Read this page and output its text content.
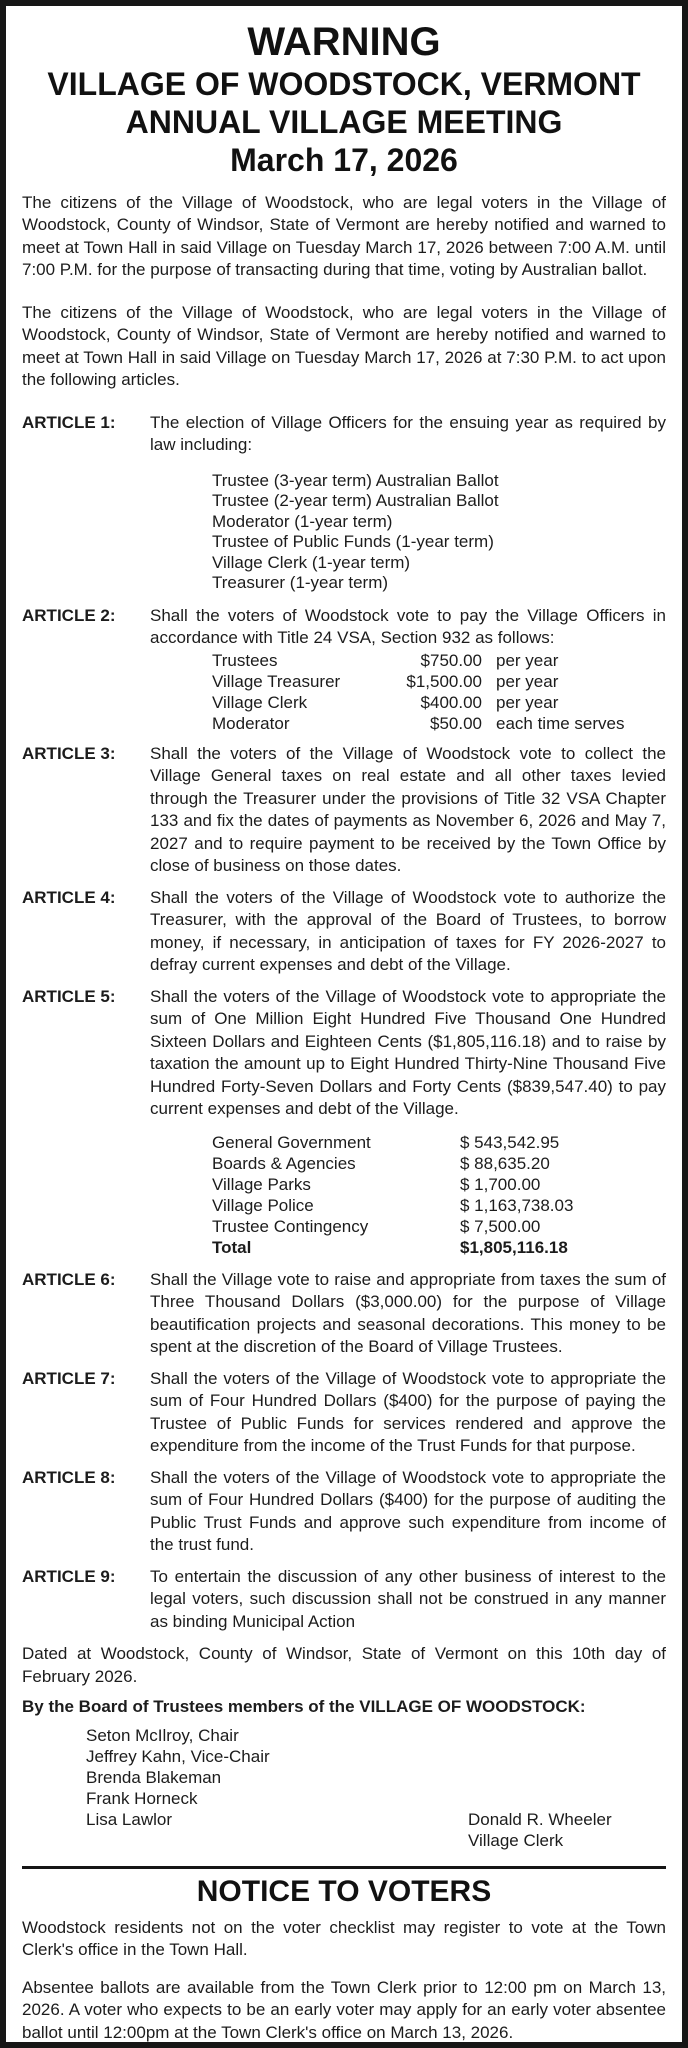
WARNING
VILLAGE OF WOODSTOCK, VERMONT
ANNUAL VILLAGE MEETING
March 17, 2026

The citizens of the Village of Woodstock, who are legal voters in the Village of Woodstock, County of Windsor, State of Vermont are hereby notified and warned to meet at Town Hall in said Village on Tuesday March 17, 2026 between 7:00 A.M. until 7:00 P.M. for the purpose of transacting during that time, voting by Australian ballot.

The citizens of the Village of Woodstock, who are legal voters in the Village of Woodstock, County of Windsor, State of Vermont are hereby notified and warned to meet at Town Hall in said Village on Tuesday March 17, 2026 at 7:30 P.M. to act upon the following articles.

ARTICLE 1:	The election of Village Officers for the ensuing year as required by law including:

Trustee (3-year term) Australian Ballot
Trustee (2-year term) Australian Ballot
Moderator (1-year term)
Trustee of Public Funds (1-year term)
Village Clerk (1-year term)
Treasurer (1-year term)
ARTICLE 2:	Shall the voters of Woodstock vote to pay the Village Officers in accordance with Title 24 VSA, Section 932 as follows:

Trustees	$750.00 per year
Village Treasurer	$1,500.00 per year
Village Clerk	$400.00 per year
Moderator	$50.00 each time serves
ARTICLE 3:	Shall the voters of the Village of Woodstock vote to collect the Village General taxes on real estate and all other taxes levied through the Treasurer under the provisions of Title 32 VSA Chapter 133 and fix the dates of payments as November 6, 2026 and May 7, 2027 and to require payment to be received by the Town Office by close of business on those dates.

ARTICLE 4:	Shall the voters of the Village of Woodstock vote to authorize the Treasurer, with the approval of the Board of Trustees, to borrow money, if necessary, in anticipation of taxes for FY 2026-2027 to defray current expenses and debt of the Village.

ARTICLE 5:	Shall the voters of the Village of Woodstock vote to appropriate the sum of One Million Eight Hundred Five Thousand One Hundred Sixteen Dollars and Eighteen Cents ($1,805,116.18) and to raise by taxation the amount up to Eight Hundred Thirty-Nine Thousand Five Hundred Forty-Seven Dollars and Forty Cents ($839,547.40) to pay current expenses and debt of the Village.

General Government	$ 543,542.95
Boards & Agencies	$ 88,635.20
Village Parks	$ 1,700.00
Village Police	$ 1,163,738.03
Trustee Contingency	$ 7,500.00
Total	$1,805,116.18
ARTICLE 6:	Shall the Village vote to raise and appropriate from taxes the sum of Three Thousand Dollars ($3,000.00) for the purpose of Village beautification projects and seasonal decorations. This money to be spent at the discretion of the Board of Village Trustees.

ARTICLE 7:	Shall the voters of the Village of Woodstock vote to appropriate the sum of Four Hundred Dollars ($400) for the purpose of paying the Trustee of Public Funds for services rendered and approve the expenditure from the income of the Trust Funds for that purpose.

ARTICLE 8:	Shall the voters of the Village of Woodstock vote to appropriate the sum of Four Hundred Dollars ($400) for the purpose of auditing the Public Trust Funds and approve such expenditure from income of the trust fund.

ARTICLE 9:	To entertain the discussion of any other business of interest to the legal voters, such discussion shall not be construed in any manner as binding Municipal Action

Dated at Woodstock, County of Windsor, State of Vermont on this 10th day of February 2026.

By the Board of Trustees members of the VILLAGE OF WOODSTOCK:

Seton McIlroy, Chair
Jeffrey Kahn, Vice-Chair
Brenda Blakeman
Frank Horneck
Lisa Lawlor	Donald R. Wheeler
Village Clerk
NOTICE TO VOTERS

Woodstock residents not on the voter checklist may register to vote at the Town Clerk's office in the Town Hall.

Absentee ballots are available from the Town Clerk prior to 12:00 pm on March 13, 2026. A voter who expects to be an early voter may apply for an early voter absentee ballot until 12:00pm at the Town Clerk's office on March 13, 2026.
